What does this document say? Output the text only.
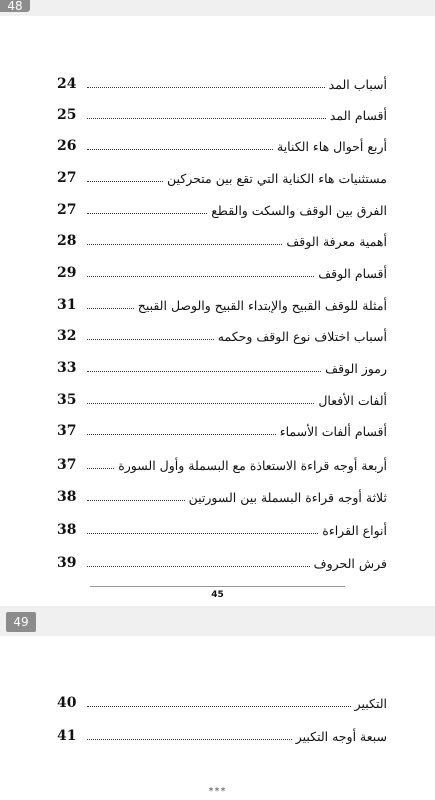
أسباب المد
24
أقسام المد
25
أربع أحوال هاء الكناية
26
مستثنيات هاء الكناية التي تقع بين متحركين
27
الفرق بين الوقف والسكت والقطع
27
أهمية معرفة الوقف
28
أقسام الوقف
29
أمثلة للوقف القبيح والإبتداء القبيح والوصل القبيح
31
أسباب اختلاف نوع الوقف وحكمه
32
رموز الوقف
33
ألفات الأفعال
35
أقسام ألفات الأسماء
37
أربعة أوجه قراءة الاستعاذة مع البسملة وأول السورة
37
ثلاثة أوجه قراءة البسملة بين السورتين
38
أنواع القراءة
38
فرش الحروف
39
45
48
49
التكبير
40
سبعة أوجه التكبير
41
***
